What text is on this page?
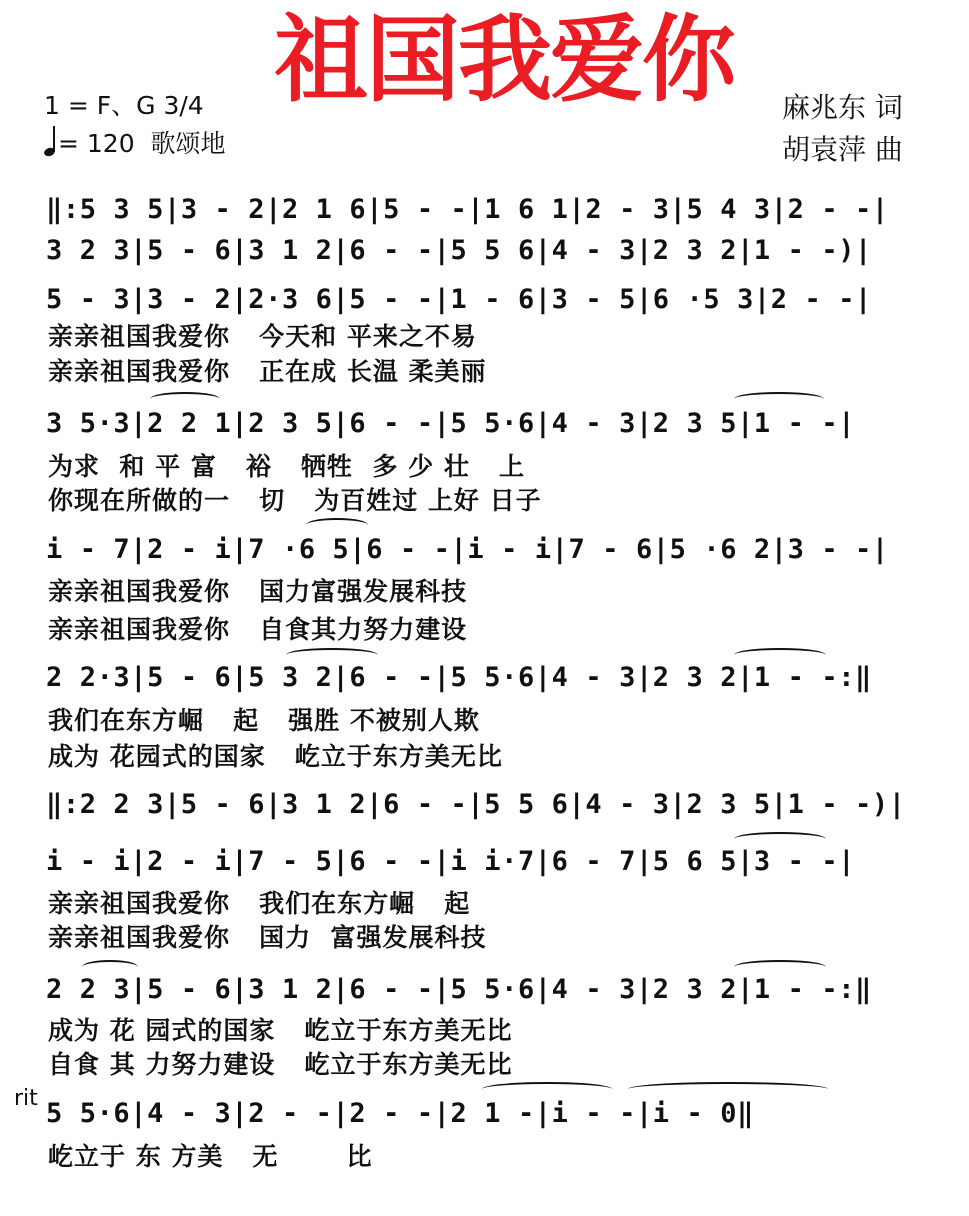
祖国我爱你
1 = F、G 3/4
= 120 歌颂地
麻兆东 词
胡袁萍 曲
‖:5 3 5|3 - 2|2 1 6|5 - -|1 6 1|2 - 3|5 4 3|2 - -|
3 2 3|5 - 6|3 1 2|6 - -|5 5 6|4 - 3|2 3 2|1 - -)|
5 - 3|3 - 2|2·3 6|5 - -|1 - 6|3 - 5|6 ·5 3|2 - -|
亲亲祖国我爱你   今天和 平来之不易
亲亲祖国我爱你   正在成 长温 柔美丽
3 5·3|2 2 1|2 3 5|6 - -|5 5·6|4 - 3|2 3 5|1 - -|
为求  和 平 富   裕   牺牲  多 少 壮   上
你现在所做的一   切   为百姓过 上好 日子
i - 7|2 - i|7 ·6 5|6 - -|i - i|7 - 6|5 ·6 2|3 - -|
亲亲祖国我爱你   国力富强发展科技
亲亲祖国我爱你   自食其力努力建设
2 2·3|5 - 6|5 3 2|6 - -|5 5·6|4 - 3|2 3 2|1 - -:‖
我们在东方崛   起   强胜 不被别人欺
成为 花园式的国家   屹立于东方美无比
‖:2 2 3|5 - 6|3 1 2|6 - -|5 5 6|4 - 3|2 3 5|1 - -)|
i - i|2 - i|7 - 5|6 - -|i i·7|6 - 7|5 6 5|3 - -|
亲亲祖国我爱你   我们在东方崛   起
亲亲祖国我爱你   国力  富强发展科技
2 2 3|5 - 6|3 1 2|6 - -|5 5·6|4 - 3|2 3 2|1 - -:‖
成为 花 园式的国家   屹立于东方美无比
自食 其 力努力建设   屹立于东方美无比
rit 5 5·6|4 - 3|2 - -|2 - -|2 1 -|i - -|i - 0‖
屹立于 东 方美   无       比
